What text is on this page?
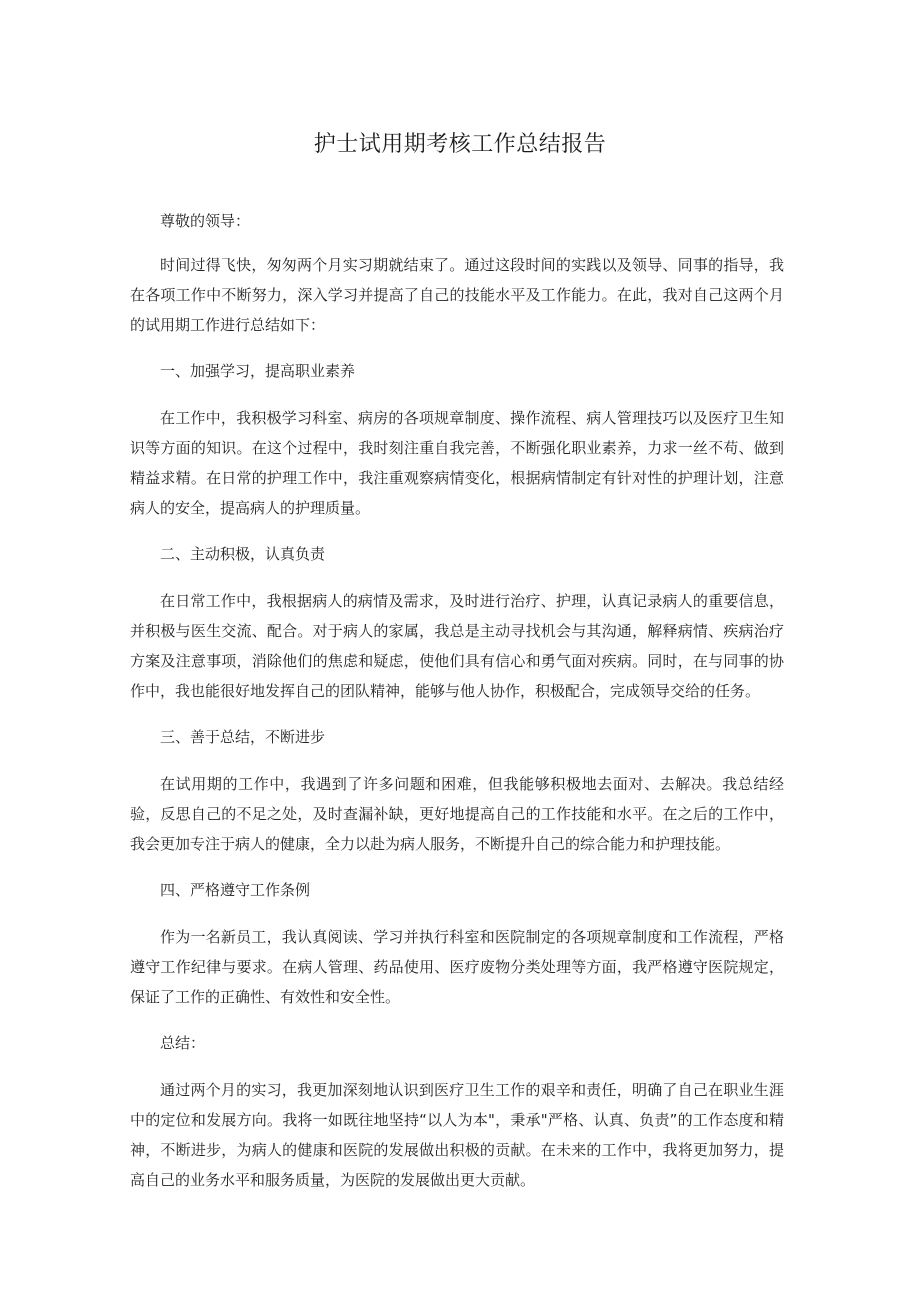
护士试用期考核工作总结报告

尊敬的领导：

时间过得飞快，匆匆两个月实习期就结束了。通过这段时间的实践以及领导、同事的指导，我在各项工作中不断努力，深入学习并提高了自己的技能水平及工作能力。在此，我对自己这两个月的试用期工作进行总结如下：

一、加强学习，提高职业素养

在工作中，我积极学习科室、病房的各项规章制度、操作流程、病人管理技巧以及医疗卫生知识等方面的知识。在这个过程中，我时刻注重自我完善，不断强化职业素养，力求一丝不苟、做到精益求精。在日常的护理工作中，我注重观察病情变化，根据病情制定有针对性的护理计划，注意病人的安全，提高病人的护理质量。

二、主动积极，认真负责

在日常工作中，我根据病人的病情及需求，及时进行治疗、护理，认真记录病人的重要信息，并积极与医生交流、配合。对于病人的家属，我总是主动寻找机会与其沟通，解释病情、疾病治疗方案及注意事项，消除他们的焦虑和疑虑，使他们具有信心和勇气面对疾病。同时，在与同事的协作中，我也能很好地发挥自己的团队精神，能够与他人协作，积极配合，完成领导交给的任务。

三、善于总结，不断进步

在试用期的工作中，我遇到了许多问题和困难，但我能够积极地去面对、去解决。我总结经验，反思自己的不足之处，及时查漏补缺，更好地提高自己的工作技能和水平。在之后的工作中，我会更加专注于病人的健康，全力以赴为病人服务，不断提升自己的综合能力和护理技能。

四、严格遵守工作条例

作为一名新员工，我认真阅读、学习并执行科室和医院制定的各项规章制度和工作流程，严格遵守工作纪律与要求。在病人管理、药品使用、医疗废物分类处理等方面，我严格遵守医院规定，保证了工作的正确性、有效性和安全性。

总结：

通过两个月的实习，我更加深刻地认识到医疗卫生工作的艰辛和责任，明确了自己在职业生涯中的定位和发展方向。我将一如既往地坚持“以人为本"，秉承"严格、认真、负责”的工作态度和精神，不断进步，为病人的健康和医院的发展做出积极的贡献。在未来的工作中，我将更加努力，提高自己的业务水平和服务质量，为医院的发展做出更大贡献。
